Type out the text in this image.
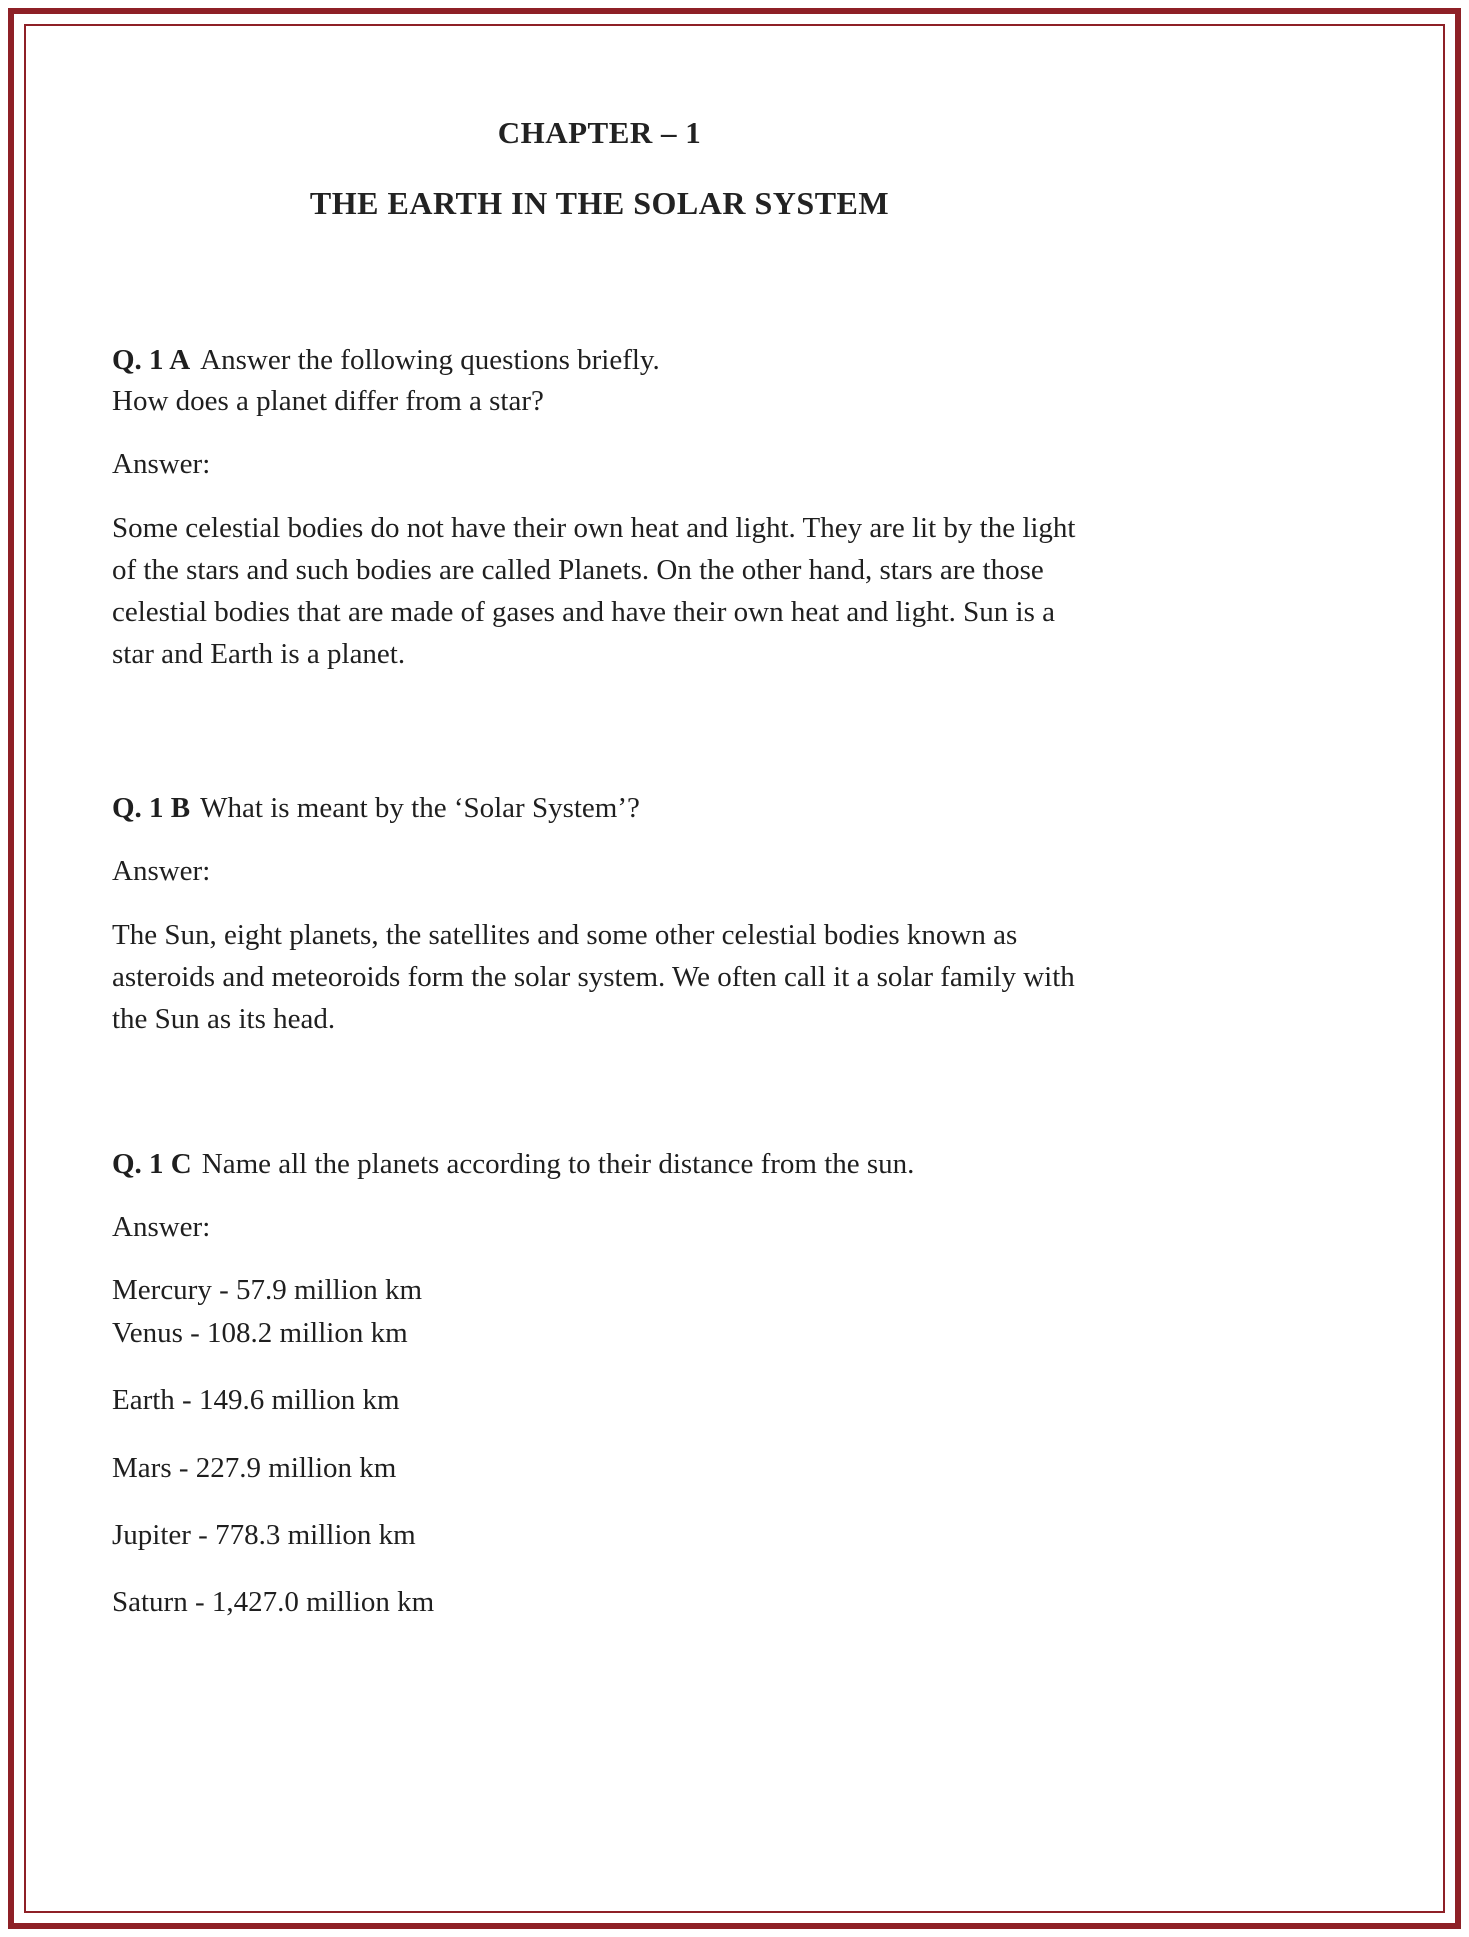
CHAPTER – 1
THE EARTH IN THE SOLAR SYSTEM

Q. 1 A Answer the following questions briefly.

How does a planet differ from a star?

Answer:

Some celestial bodies do not have their own heat and light. They are lit by the light of the stars and such bodies are called Planets. On the other hand, stars are those celestial bodies that are made of gases and have their own heat and light. Sun is a star and Earth is a planet.

Q. 1 B What is meant by the ‘Solar System’?

Answer:

The Sun, eight planets, the satellites and some other celestial bodies known as asteroids and meteoroids form the solar system. We often call it a solar family with the Sun as its head.

Q. 1 C Name all the planets according to their distance from the sun.

Answer:

Mercury - 57.9 million km

Venus - 108.2 million km

Earth - 149.6 million km

Mars - 227.9 million km

Jupiter - 778.3 million km

Saturn - 1,427.0 million km
